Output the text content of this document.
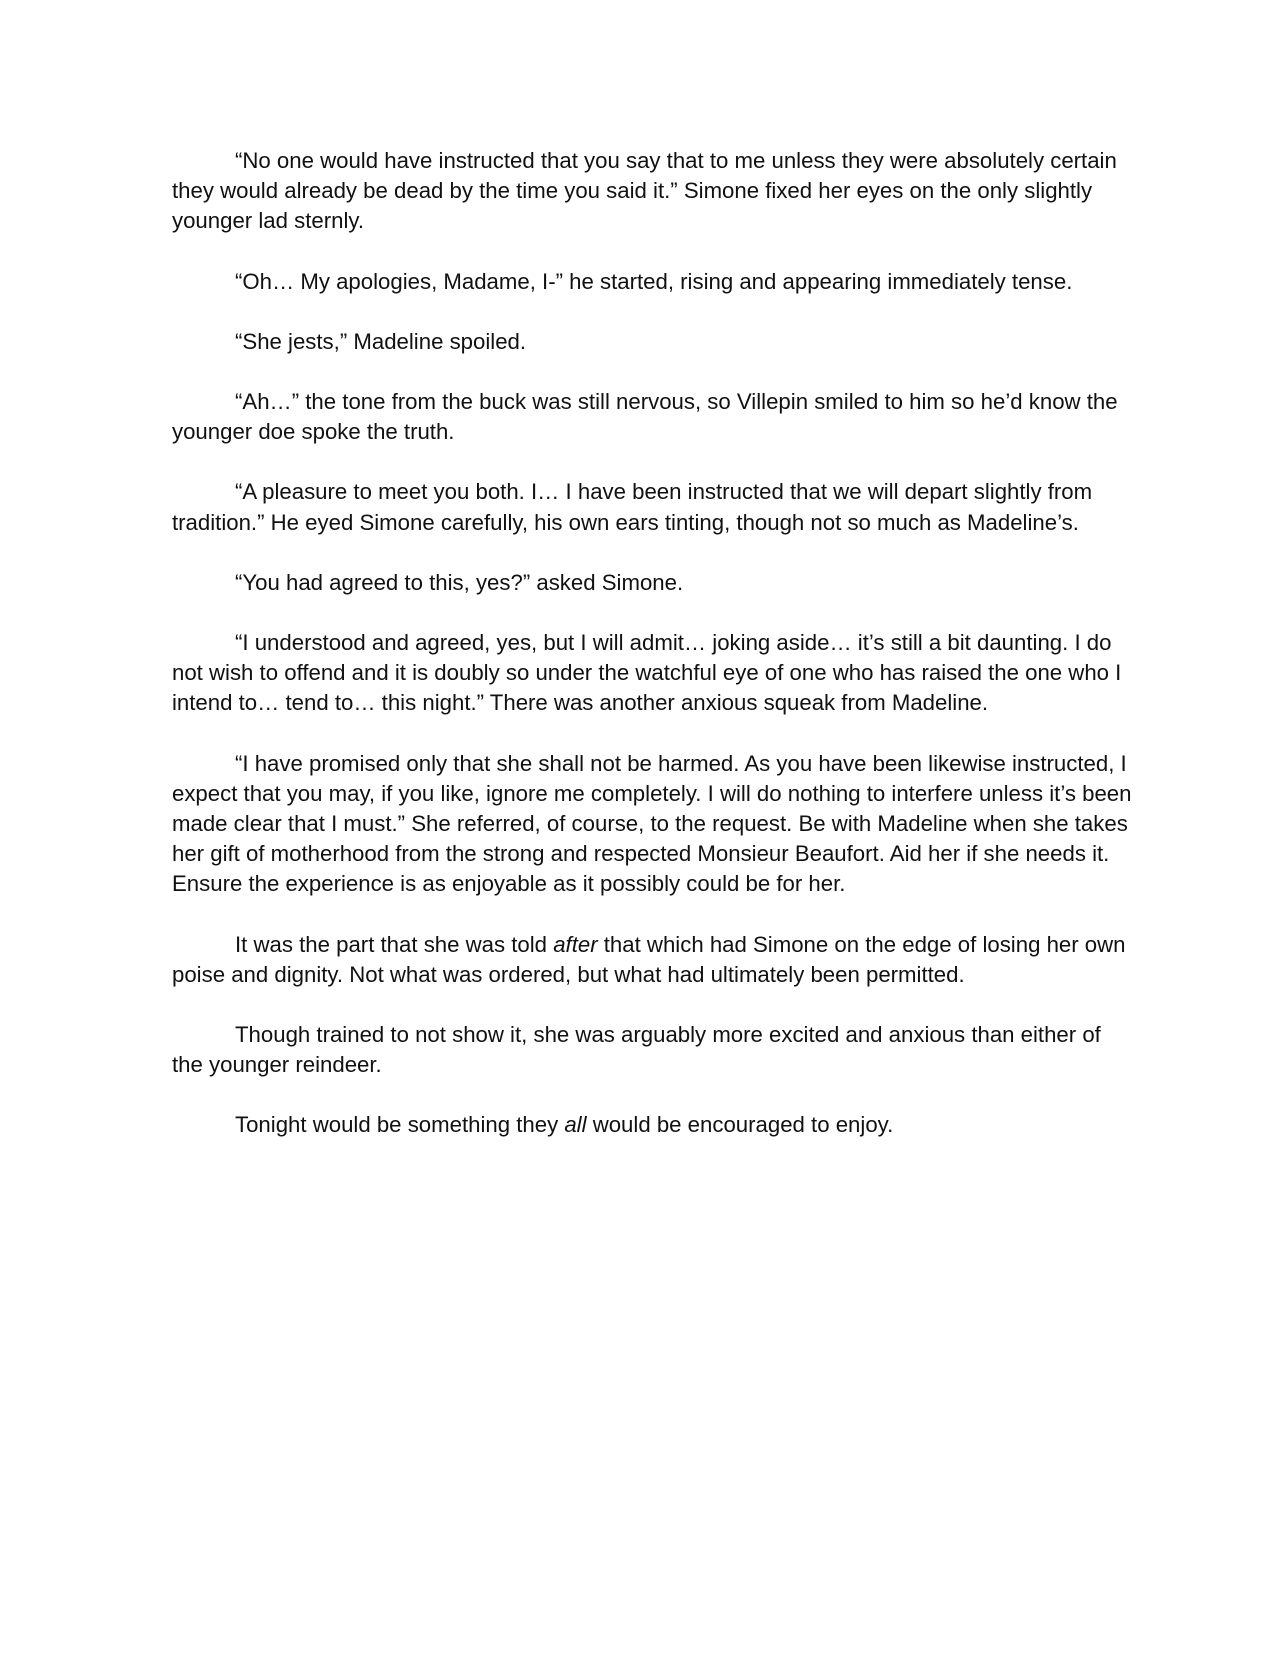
“No one would have instructed that you say that to me unless they were absolutely certain they would already be dead by the time you said it.” Simone fixed her eyes on the only slightly younger lad sternly.

“Oh… My apologies, Madame, I-” he started, rising and appearing immediately tense.

“She jests,” Madeline spoiled.

“Ah…” the tone from the buck was still nervous, so Villepin smiled to him so he’d know the younger doe spoke the truth.

“A pleasure to meet you both. I… I have been instructed that we will depart slightly from tradition.” He eyed Simone carefully, his own ears tinting, though not so much as Madeline’s.

“You had agreed to this, yes?” asked Simone.

“I understood and agreed, yes, but I will admit… joking aside… it’s still a bit daunting. I do not wish to offend and it is doubly so under the watchful eye of one who has raised the one who I intend to… tend to… this night.” There was another anxious squeak from Madeline.

“I have promised only that she shall not be harmed. As you have been likewise instructed, I expect that you may, if you like, ignore me completely. I will do nothing to interfere unless it’s been made clear that I must.” She referred, of course, to the request. Be with Madeline when she takes her gift of motherhood from the strong and respected Monsieur Beaufort. Aid her if she needs it. Ensure the experience is as enjoyable as it possibly could be for her.

It was the part that she was told after that which had Simone on the edge of losing her own poise and dignity. Not what was ordered, but what had ultimately been permitted.

Though trained to not show it, she was arguably more excited and anxious than either of the younger reindeer.

Tonight would be something they all would be encouraged to enjoy.
